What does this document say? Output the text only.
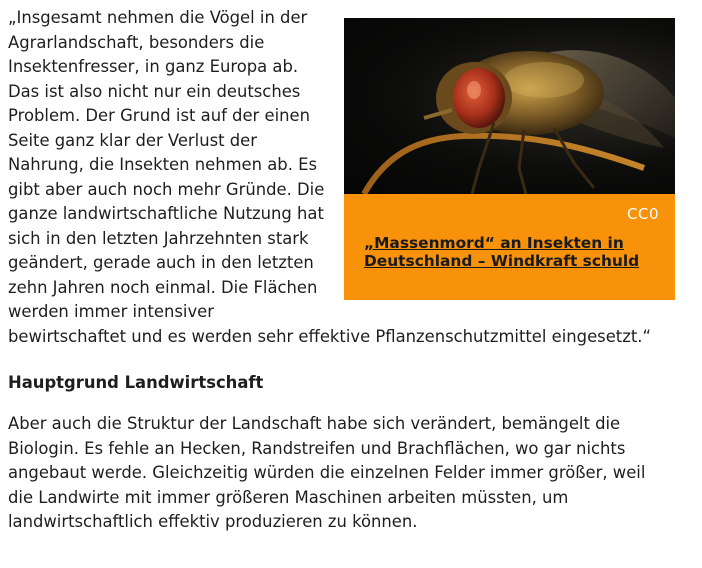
CC0
„Massenmord“ an Insekten in Deutschland – Windkraft schuld

„Insgesamt nehmen die Vögel in der Agrarlandschaft, besonders die Insektenfresser, in ganz Europa ab. Das ist also nicht nur ein deutsches Problem. Der Grund ist auf der einen Seite ganz klar der Verlust der Nahrung, die Insekten nehmen ab. Es gibt aber auch noch mehr Gründe. Die ganze landwirtschaftliche Nutzung hat sich in den letzten Jahrzehnten stark geändert, gerade auch in den letzten zehn Jahren noch einmal. Die Flächen werden immer intensiver bewirtschaftet und es werden sehr effektive Pflanzenschutzmittel eingesetzt.“

Hauptgrund Landwirtschaft

Aber auch die Struktur der Landschaft habe sich verändert, bemängelt die Biologin. Es fehle an Hecken, Randstreifen und Brachflächen, wo gar nichts angebaut werde. Gleichzeitig würden die einzelnen Felder immer größer, weil die Landwirte mit immer größeren Maschinen arbeiten müssten, um landwirtschaftlich effektiv produzieren zu können.
